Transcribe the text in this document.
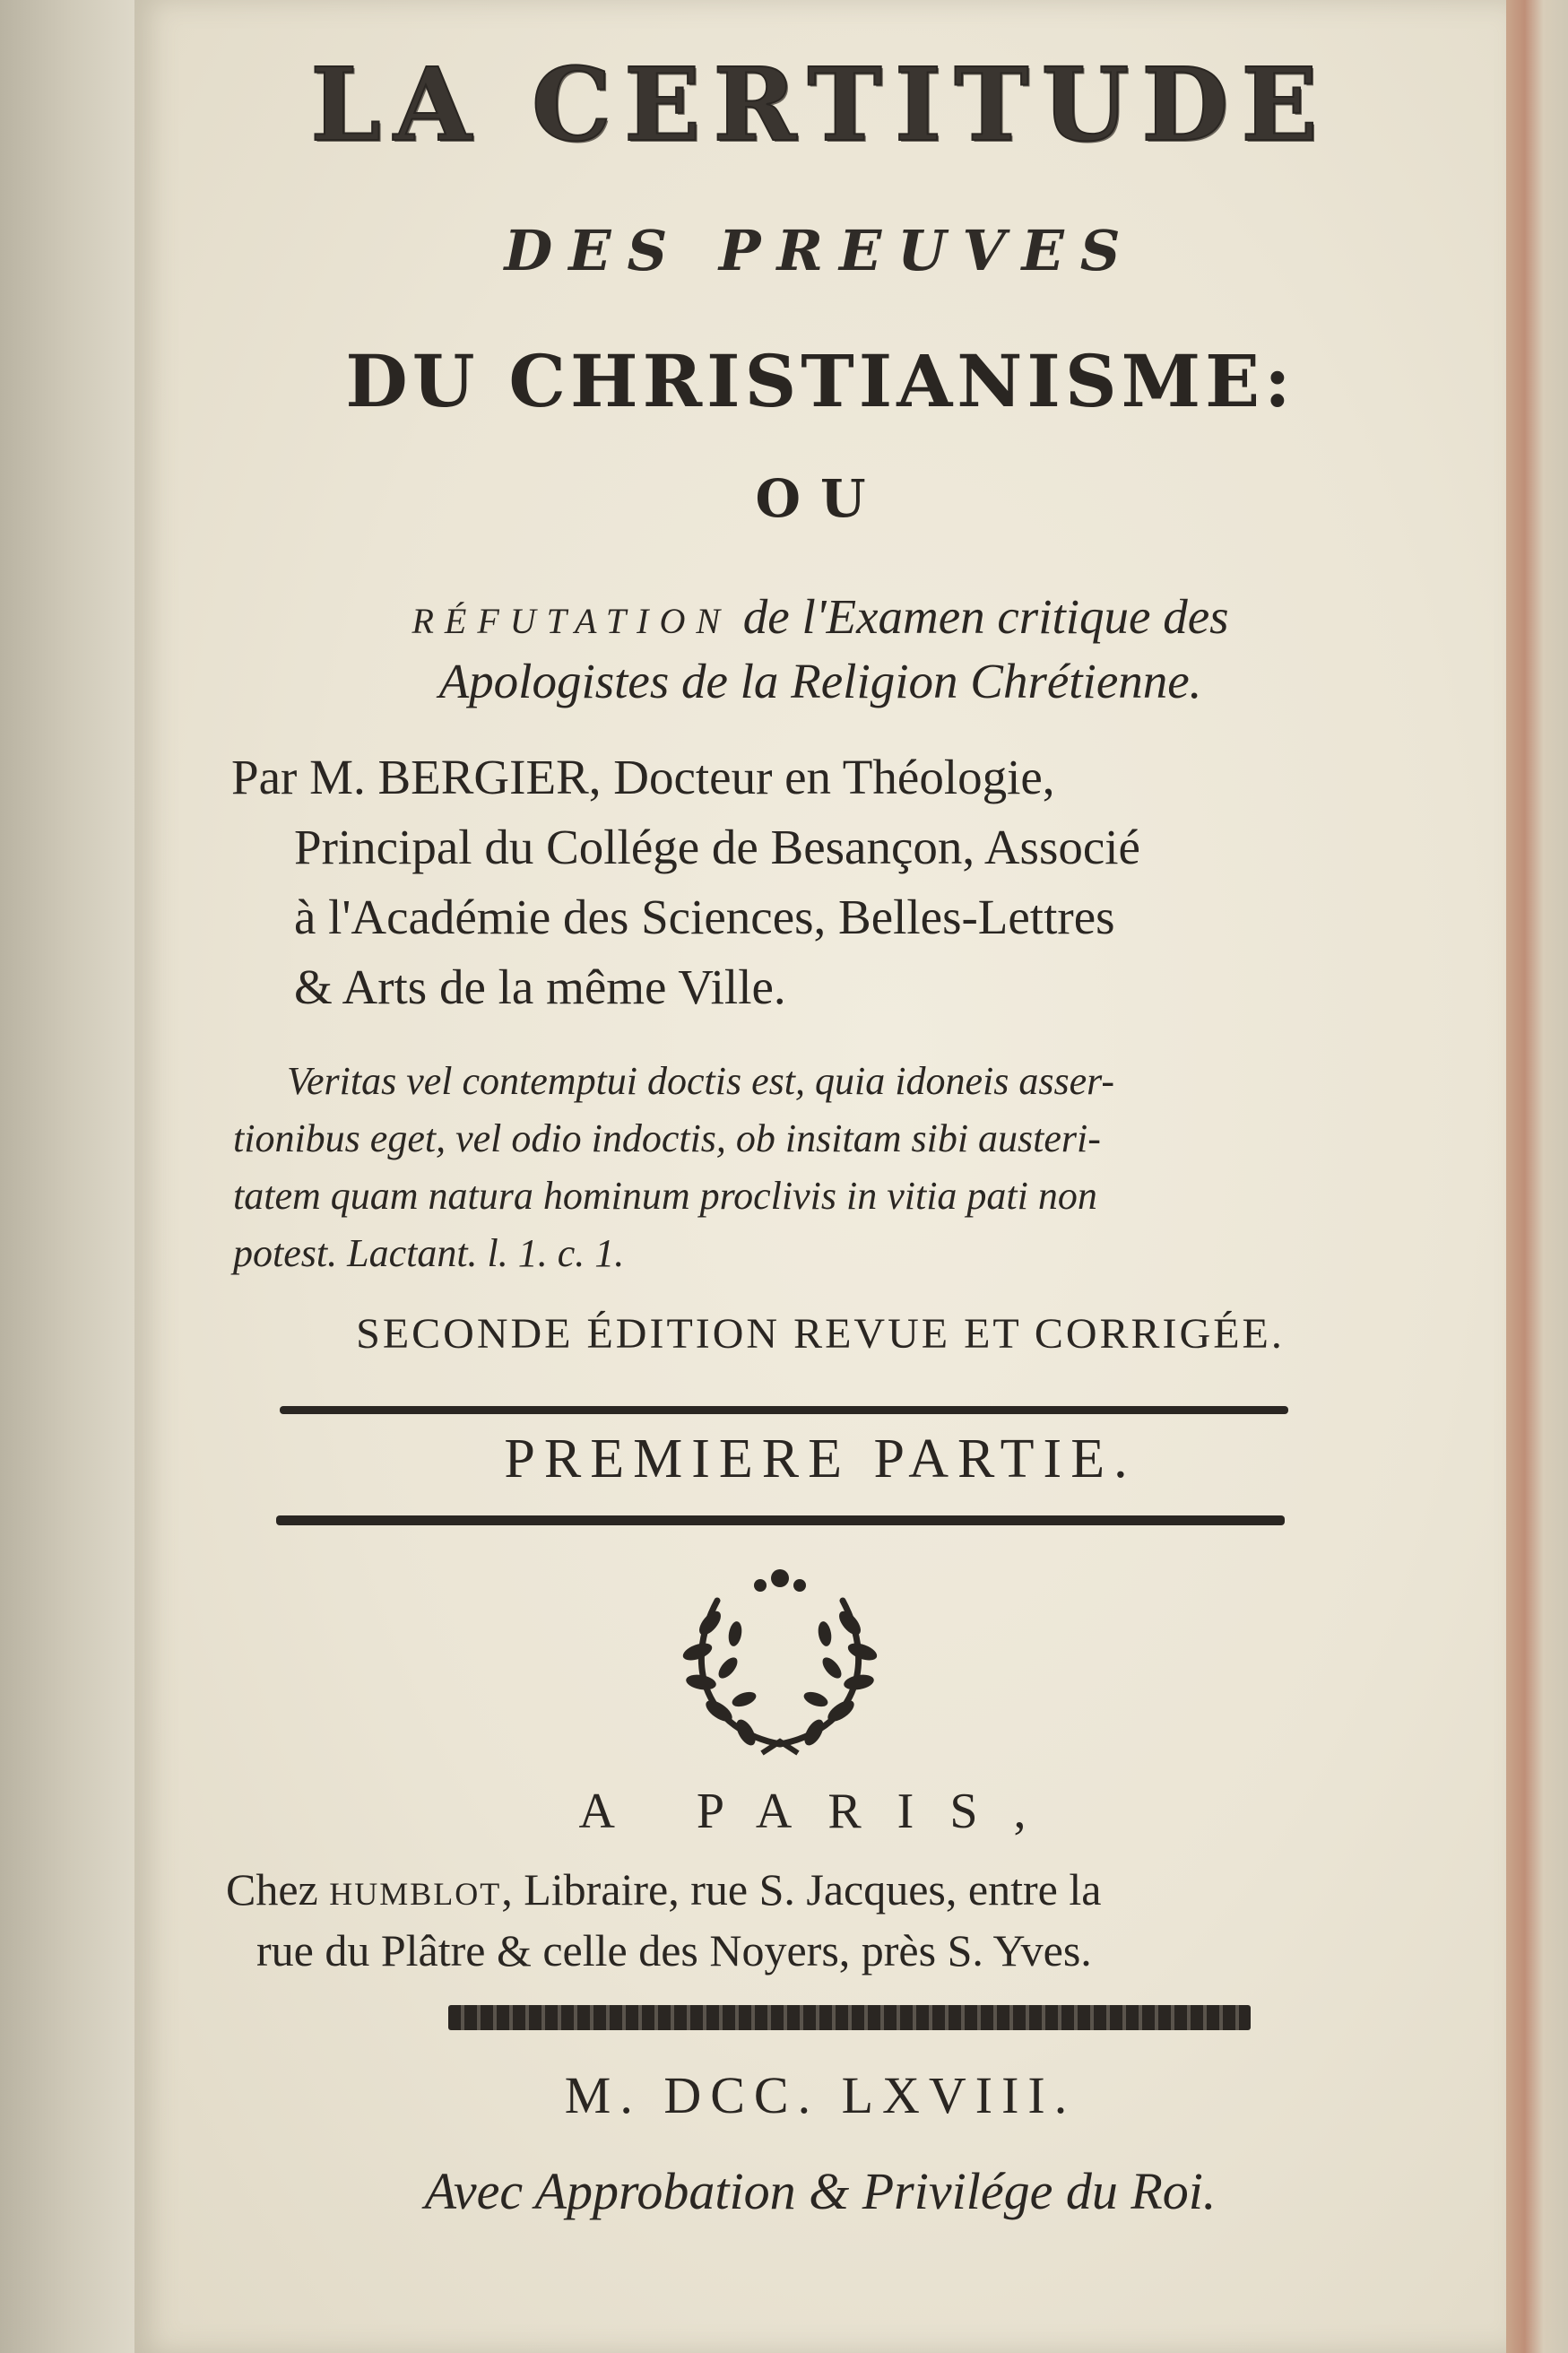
LA CERTITUDE

DES PREUVES

DU CHRISTIANISME:

OU

RÉFUTATION de l'Examen critique des

Apologistes de la Religion Chrétienne.

Par M. BERGIER, Docteur en Théologie,

Principal du Collége de Besançon, Associé

à l'Académie des Sciences, Belles-Lettres

& Arts de la même Ville.

Veritas vel contemptui doctis est, quia idoneis asser-

tionibus eget, vel odio indoctis, ob insitam sibi austeri-

tatem quam natura hominum proclivis in vitia pati non

potest. Lactant. l. 1. c. 1.

SECONDE ÉDITION REVUE ET CORRIGÉE.

PREMIERE PARTIE.

A PARIS,

Chez HUMBLOT, Libraire, rue S. Jacques, entre la

rue du Plâtre & celle des Noyers, près S. Yves.

M. DCC. LXVIII.

Avec Approbation & Privilége du Roi.
